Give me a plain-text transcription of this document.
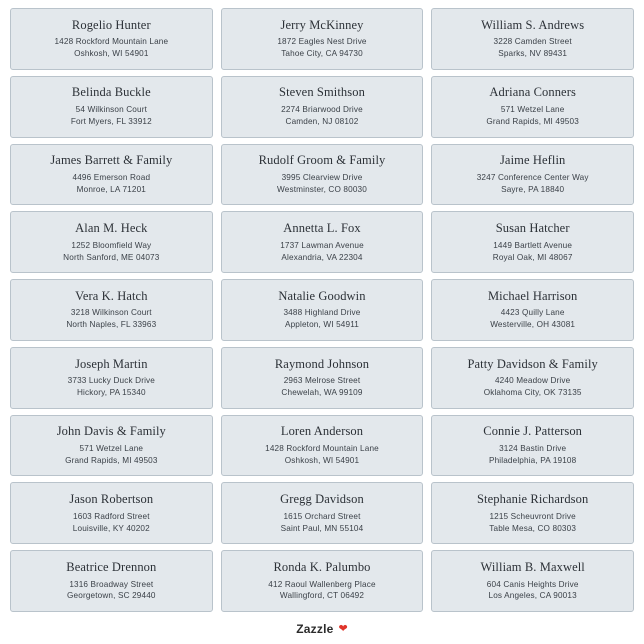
Rogelio Hunter
1428 Rockford Mountain Lane
Oshkosh, WI 54901
Jerry McKinney
1872 Eagles Nest Drive
Tahoe City, CA 94730
William S. Andrews
3228 Camden Street
Sparks, NV 89431
Belinda Buckle
54 Wilkinson Court
Fort Myers, FL 33912
Steven Smithson
2274 Briarwood Drive
Camden, NJ 08102
Adriana Conners
571 Wetzel Lane
Grand Rapids, MI 49503
James Barrett & Family
4496 Emerson Road
Monroe, LA 71201
Rudolf Groom & Family
3995 Clearview Drive
Westminster, CO 80030
Jaime Heflin
3247 Conference Center Way
Sayre, PA 18840
Alan M. Heck
1252 Bloomfield Way
North Sanford, ME 04073
Annetta L. Fox
1737 Lawman Avenue
Alexandria, VA 22304
Susan Hatcher
1449 Bartlett Avenue
Royal Oak, MI 48067
Vera K. Hatch
3218 Wilkinson Court
North Naples, FL 33963
Natalie Goodwin
3488 Highland Drive
Appleton, WI 54911
Michael Harrison
4423 Quilly Lane
Westerville, OH 43081
Joseph Martin
3733 Lucky Duck Drive
Hickory, PA 15340
Raymond Johnson
2963 Melrose Street
Chewelah, WA 99109
Patty Davidson & Family
4240 Meadow Drive
Oklahoma City, OK 73135
John Davis & Family
571 Wetzel Lane
Grand Rapids, MI 49503
Loren Anderson
1428 Rockford Mountain Lane
Oshkosh, WI 54901
Connie J. Patterson
3124 Bastin Drive
Philadelphia, PA 19108
Jason Robertson
1603 Radford Street
Louisville, KY 40202
Gregg Davidson
1615 Orchard Street
Saint Paul, MN 55104
Stephanie Richardson
1215 Scheuvront Drive
Table Mesa, CO 80303
Beatrice Drennon
1316 Broadway Street
Georgetown, SC 29440
Ronda K. Palumbo
412 Raoul Wallenberg Place
Wallingford, CT 06492
William B. Maxwell
604 Canis Heights Drive
Los Angeles, CA 90013
Zazzle ❤
